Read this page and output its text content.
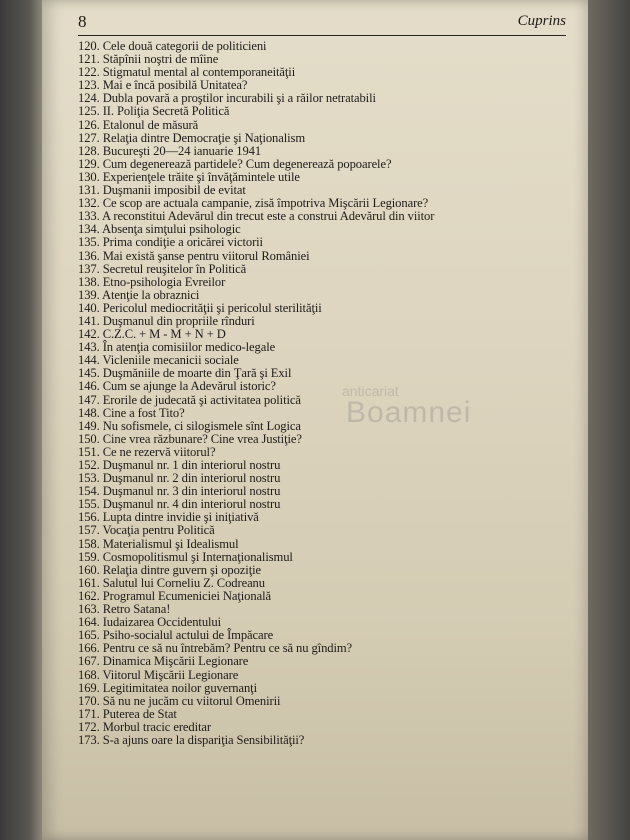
8	Cuprins
120. Cele două categorii de politicieni
121. Stăpînii noştri de mîine
122. Stigmatul mental al contemporaneităţii
123. Mai e încă posibilă Unitatea?
124. Dubla povară a proştilor incurabili şi a răilor netratabili
125. II. Poliţia Secretă Politică
126. Etalonul de măsură
127. Relaţia dintre Democraţie şi Naţionalism
128. Bucureşti 20—24 ianuarie 1941
129. Cum degenerează partidele? Cum degenerează popoarele?
130. Experienţele trăite şi învăţămintele utile
131. Duşmanii imposibil de evitat
132. Ce scop are actuala campanie, zisă împotriva Mişcării Legionare?
133. A reconstitui Adevărul din trecut este a construi Adevărul din viitor
134. Absenţa simţului psihologic
135. Prima condiţie a oricărei victorii
136. Mai există şanse pentru viitorul României
137. Secretul reuşitelor în Politică
138. Etno-psihologia Evreilor
139. Atenţie la obraznici
140. Pericolul mediocrităţii şi pericolul sterilităţii
141. Duşmanul din propriile rînduri
142. C.Z.C. + M - M + N + D
143. În atenţia comisiilor medico-legale
144. Vicleniile mecanicii sociale
145. Duşmăniile de moarte din Ţară şi Exil
146. Cum se ajunge la Adevărul istoric?
147. Erorile de judecată şi activitatea politică
148. Cine a fost Tito?
149. Nu sofismele, ci silogismele sînt Logica
150. Cine vrea răzbunare? Cine vrea Justiţie?
151. Ce ne rezervă viitorul?
152. Duşmanul nr. 1 din interiorul nostru
153. Duşmanul nr. 2 din interiorul nostru
154. Duşmanul nr. 3 din interiorul nostru
155. Duşmanul nr. 4 din interiorul nostru
156. Lupta dintre invidie şi iniţiativă
157. Vocaţia pentru Politică
158. Materialismul şi Idealismul
159. Cosmopolitismul şi Internaţionalismul
160. Relaţia dintre guvern şi opoziţie
161. Salutul lui Corneliu Z. Codreanu
162. Programul Ecumeniciei Naţională
163. Retro Satana!
164. Iudaizarea Occidentului
165. Psiho-socialul actului de Împăcare
166. Pentru ce să nu întrebăm? Pentru ce să nu gîndim?
167. Dinamica Mişcării Legionare
168. Viitorul Mişcării Legionare
169. Legitimitatea noilor guvernanţi
170. Să nu ne jucăm cu viitorul Omenirii
171. Puterea de Stat
172. Morbul tracic ereditar
173. S-a ajuns oare la dispariţia Sensibilităţii?
anticariat
Boamnei
